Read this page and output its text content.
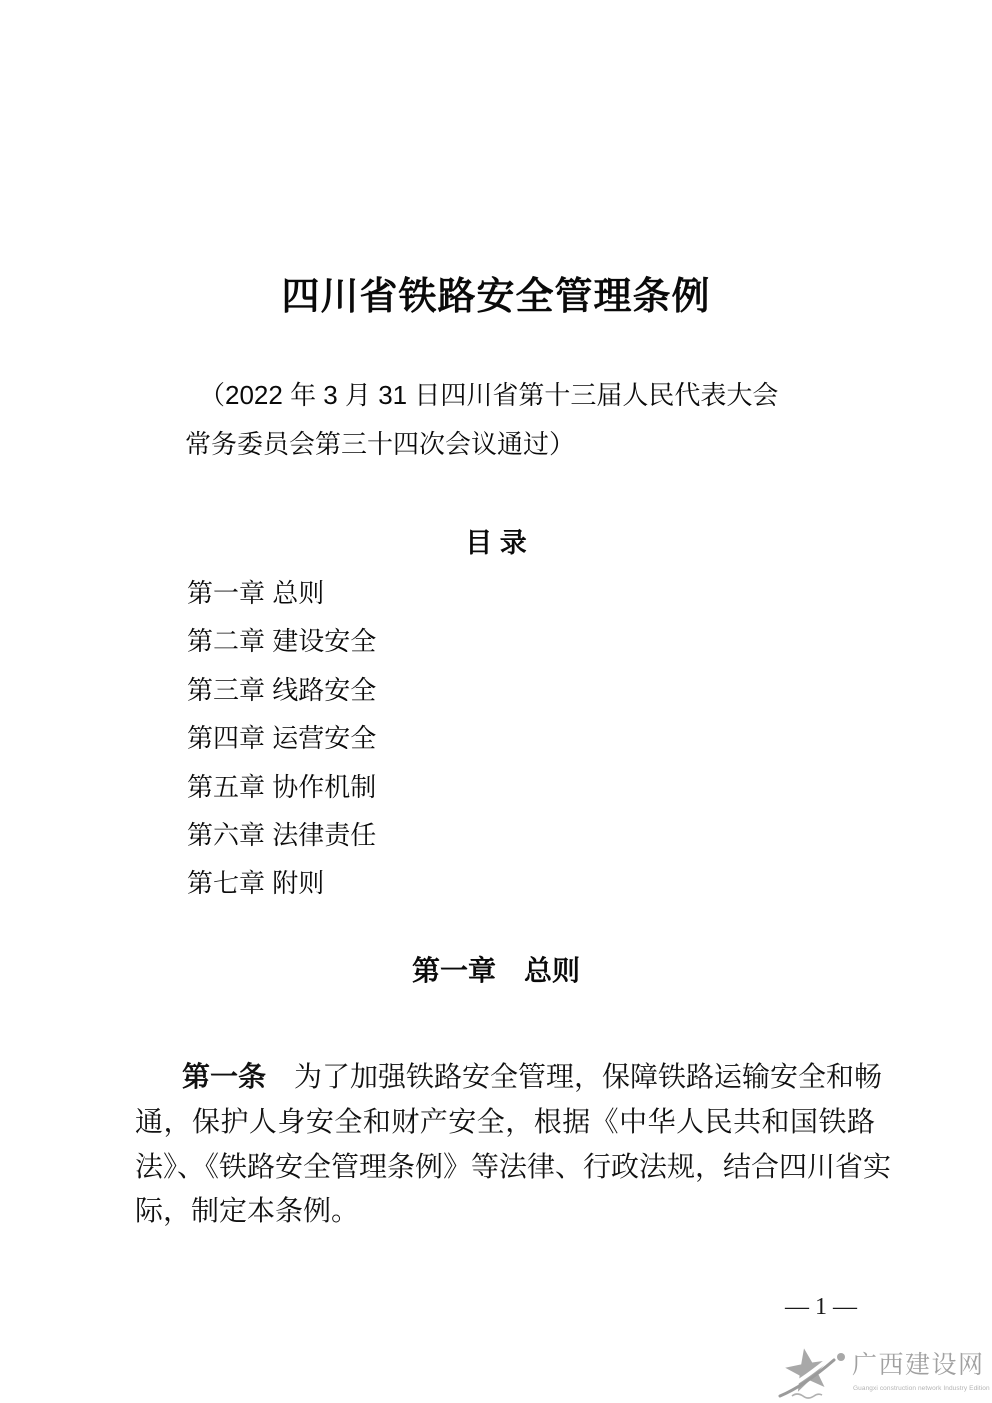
四川省铁路安全管理条例
（2022 年 3 月 31 日四川省第十三届人民代表大会
常务委员会第三十四次会议通过）
目 录
第一章 总则
第二章 建设安全
第三章 线路安全
第四章 运营安全
第五章 协作机制
第六章 法律责任
第七章 附则
第一章　总则
第一条　为了加强铁路安全管理，保障铁路运输安全和畅
通，保护人身安全和财产安全，根据《中华人民共和国铁路
法》、《铁路安全管理条例》等法律、行政法规，结合四川省实
际，制定本条例。
— 1 —
广西建设网
Guangxi construction network Industry Edition
